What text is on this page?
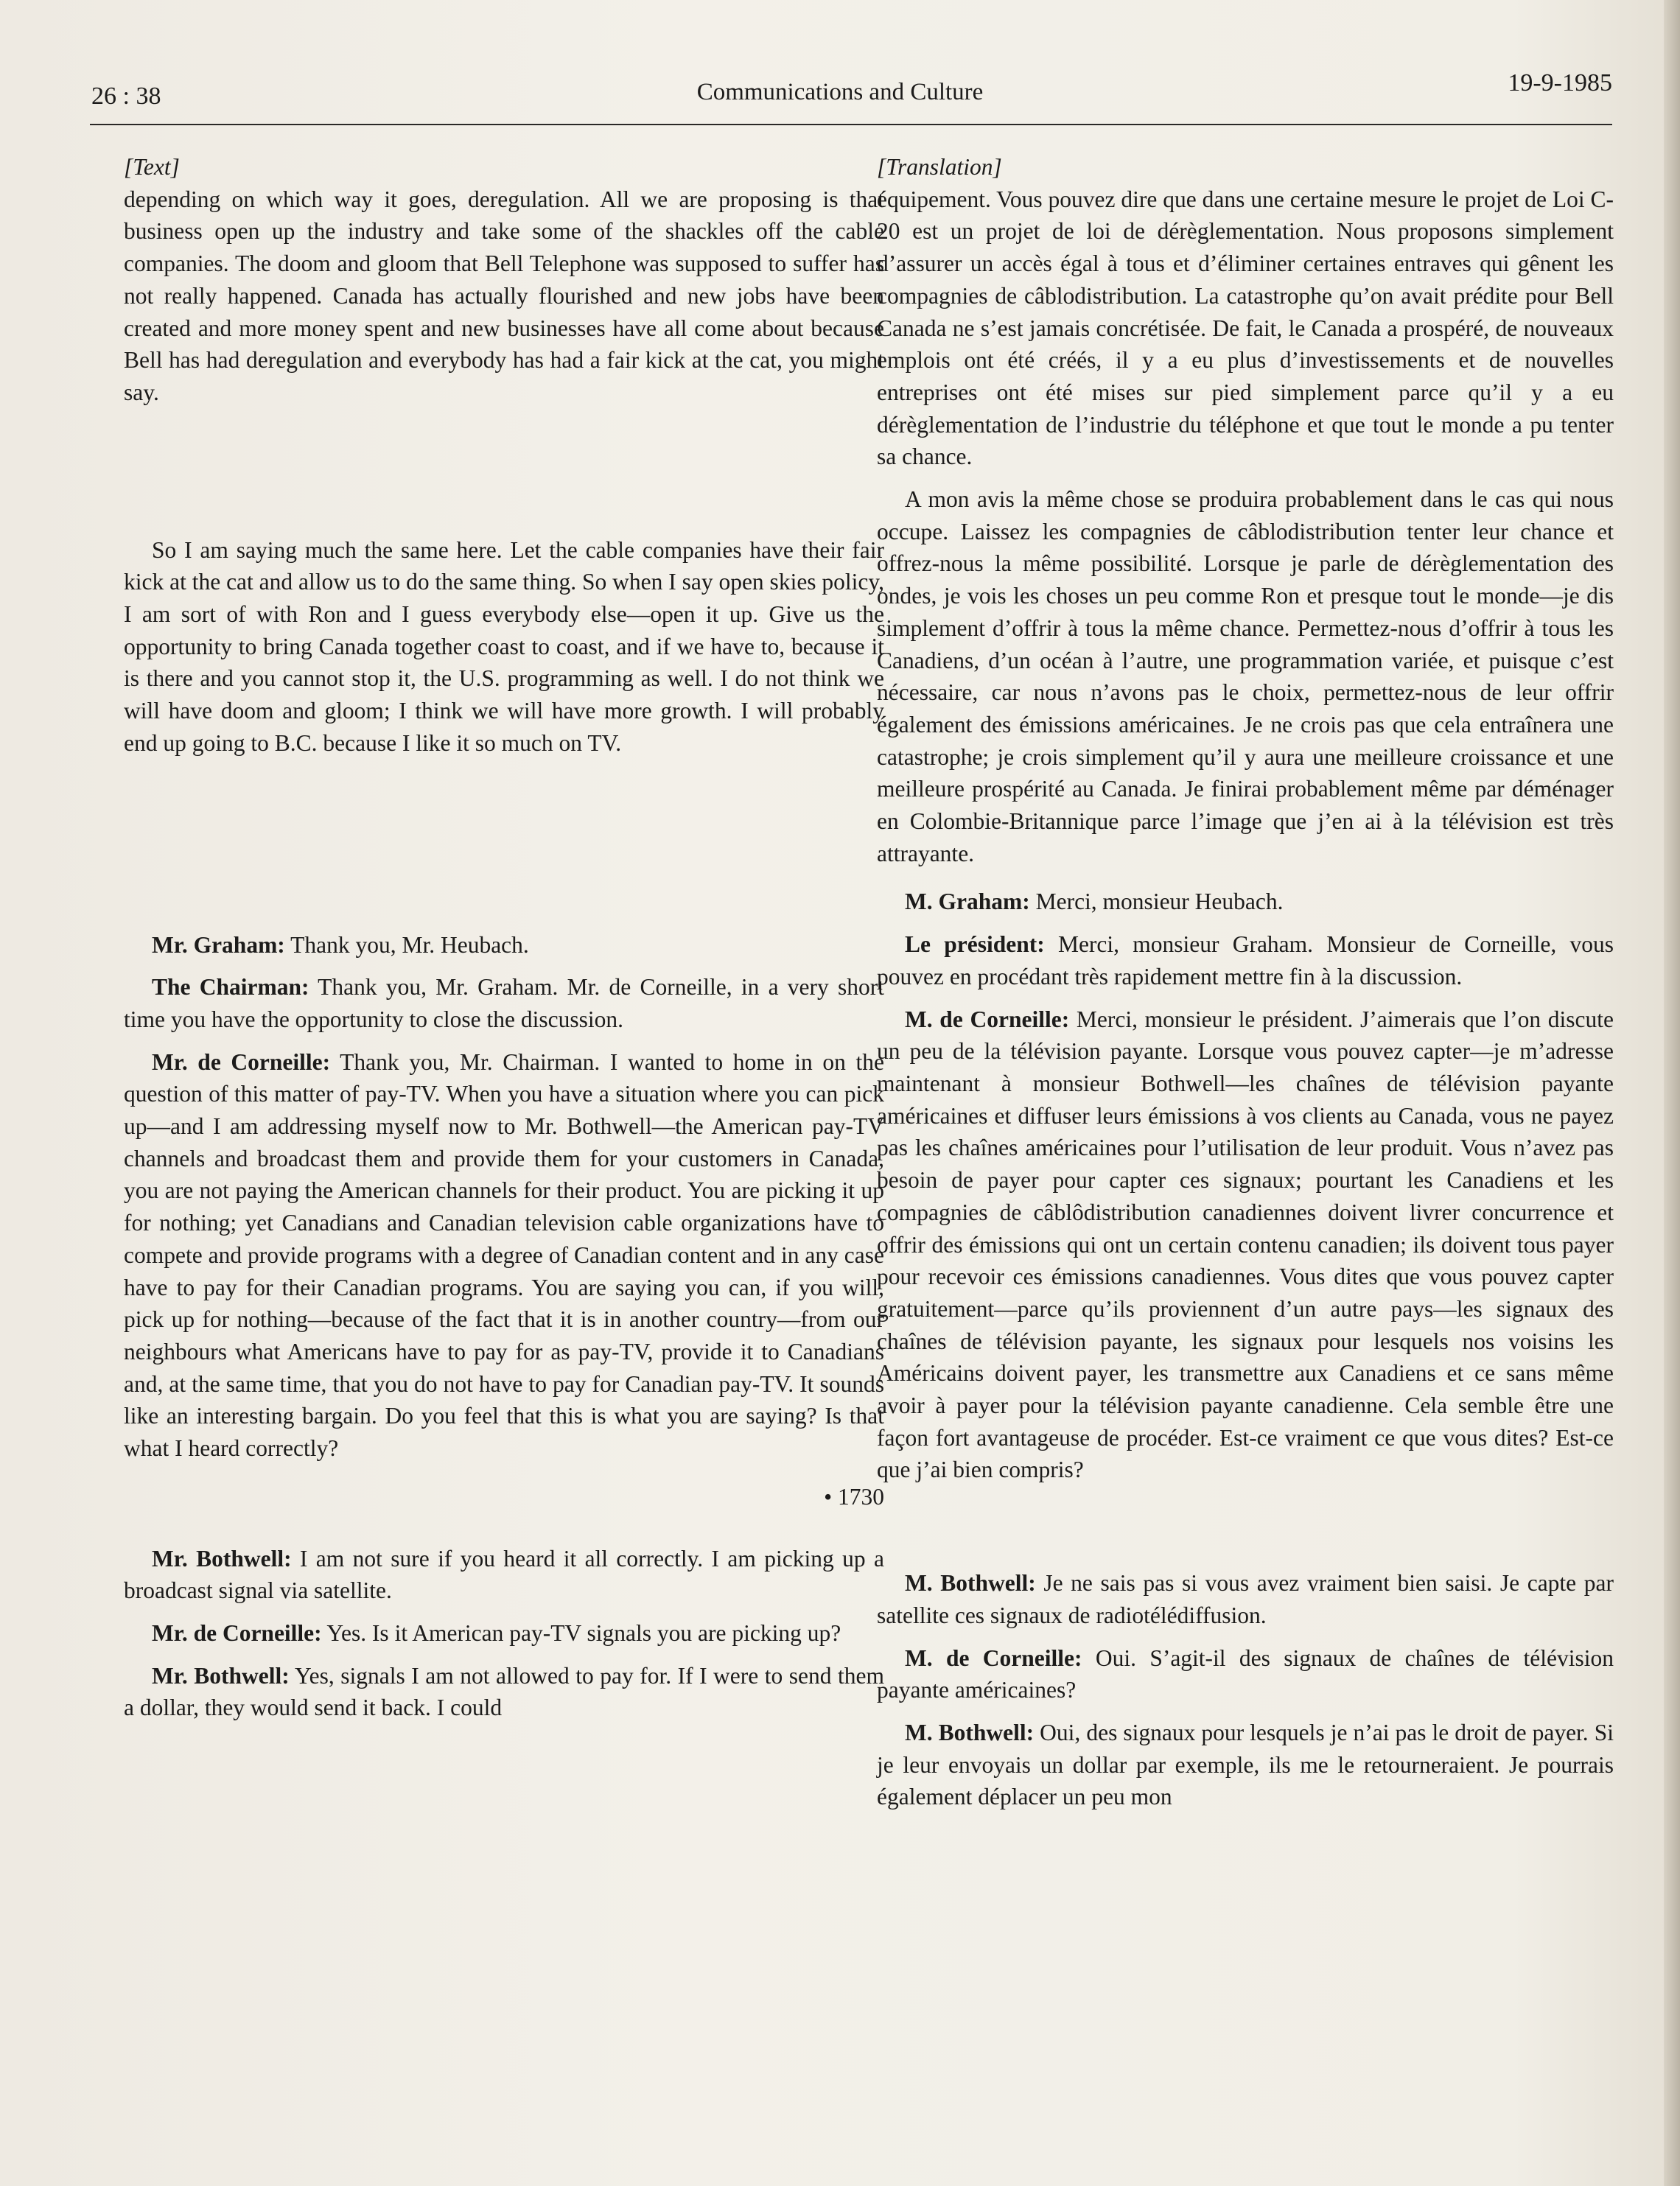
26 : 38	Communications and Culture	19-9-1985

[Text]

depending on which way it goes, deregulation. All we are proposing is that business open up the industry and take some of the shackles off the cable companies. The doom and gloom that Bell Telephone was supposed to suffer has not really happened. Canada has actually flourished and new jobs have been created and more money spent and new businesses have all come about because Bell has had deregulation and everybody has had a fair kick at the cat, you might say.

So I am saying much the same here. Let the cable companies have their fair kick at the cat and allow us to do the same thing. So when I say open skies policy, I am sort of with Ron and I guess everybody else—open it up. Give us the opportunity to bring Canada together coast to coast, and if we have to, because it is there and you cannot stop it, the U.S. programming as well. I do not think we will have doom and gloom; I think we will have more growth. I will probably end up going to B.C. because I like it so much on TV.

Mr. Graham: Thank you, Mr. Heubach.

The Chairman: Thank you, Mr. Graham. Mr. de Corneille, in a very short time you have the opportunity to close the discussion.

Mr. de Corneille: Thank you, Mr. Chairman. I wanted to home in on the question of this matter of pay-TV. When you have a situation where you can pick up—and I am addressing myself now to Mr. Bothwell—the American pay-TV channels and broadcast them and provide them for your customers in Canada, you are not paying the American channels for their product. You are picking it up for nothing; yet Canadians and Canadian television cable organizations have to compete and provide programs with a degree of Canadian content and in any case have to pay for their Canadian programs. You are saying you can, if you will, pick up for nothing—because of the fact that it is in another country—from our neighbours what Americans have to pay for as pay-TV, provide it to Canadians and, at the same time, that you do not have to pay for Canadian pay-TV. It sounds like an interesting bargain. Do you feel that this is what you are saying? Is that what I heard correctly?

• 1730

Mr. Bothwell: I am not sure if you heard it all correctly. I am picking up a broadcast signal via satellite.

Mr. de Corneille: Yes. Is it American pay-TV signals you are picking up?

Mr. Bothwell: Yes, signals I am not allowed to pay for. If I were to send them a dollar, they would send it back. I could

[Translation]

équipement. Vous pouvez dire que dans une certaine mesure le projet de Loi C-20 est un projet de loi de dérèglementation. Nous proposons simplement d’assurer un accès égal à tous et d’éliminer certaines entraves qui gênent les compagnies de câblodistribution. La catastrophe qu’on avait prédite pour Bell Canada ne s’est jamais concrétisée. De fait, le Canada a prospéré, de nouveaux emplois ont été créés, il y a eu plus d’investissements et de nouvelles entreprises ont été mises sur pied simplement parce qu’il y a eu dérèglementation de l’industrie du téléphone et que tout le monde a pu tenter sa chance.

A mon avis la même chose se produira probablement dans le cas qui nous occupe. Laissez les compagnies de câblodistribution tenter leur chance et offrez-nous la même possibilité. Lorsque je parle de dérèglementation des ondes, je vois les choses un peu comme Ron et presque tout le monde—je dis simplement d’offrir à tous la même chance. Permettez-nous d’offrir à tous les Canadiens, d’un océan à l’autre, une programmation variée, et puisque c’est nécessaire, car nous n’avons pas le choix, permettez-nous de leur offrir également des émissions américaines. Je ne crois pas que cela entraînera une catastrophe; je crois simplement qu’il y aura une meilleure croissance et une meilleure prospérité au Canada. Je finirai probablement même par déménager en Colombie-Britannique parce l’image que j’en ai à la télévision est très attrayante.

M. Graham: Merci, monsieur Heubach.

Le président: Merci, monsieur Graham. Monsieur de Corneille, vous pouvez en procédant très rapidement mettre fin à la discussion.

M. de Corneille: Merci, monsieur le président. J’aimerais que l’on discute un peu de la télévision payante. Lorsque vous pouvez capter—je m’adresse maintenant à monsieur Bothwell—les chaînes de télévision payante américaines et diffuser leurs émissions à vos clients au Canada, vous ne payez pas les chaînes américaines pour l’utilisation de leur produit. Vous n’avez pas besoin de payer pour capter ces signaux; pourtant les Canadiens et les compagnies de câblôdistribution canadiennes doivent livrer concurrence et offrir des émissions qui ont un certain contenu canadien; ils doivent tous payer pour recevoir ces émissions canadiennes. Vous dites que vous pouvez capter gratuitement—parce qu’ils proviennent d’un autre pays—les signaux des chaînes de télévision payante, les signaux pour lesquels nos voisins les Américains doivent payer, les transmettre aux Canadiens et ce sans même avoir à payer pour la télévision payante canadienne. Cela semble être une façon fort avantageuse de procéder. Est-ce vraiment ce que vous dites? Est-ce que j’ai bien compris?

M. Bothwell: Je ne sais pas si vous avez vraiment bien saisi. Je capte par satellite ces signaux de radiotélédiffusion.

M. de Corneille: Oui. S’agit-il des signaux de chaînes de télévision payante américaines?

M. Bothwell: Oui, des signaux pour lesquels je n’ai pas le droit de payer. Si je leur envoyais un dollar par exemple, ils me le retourneraient. Je pourrais également déplacer un peu mon
